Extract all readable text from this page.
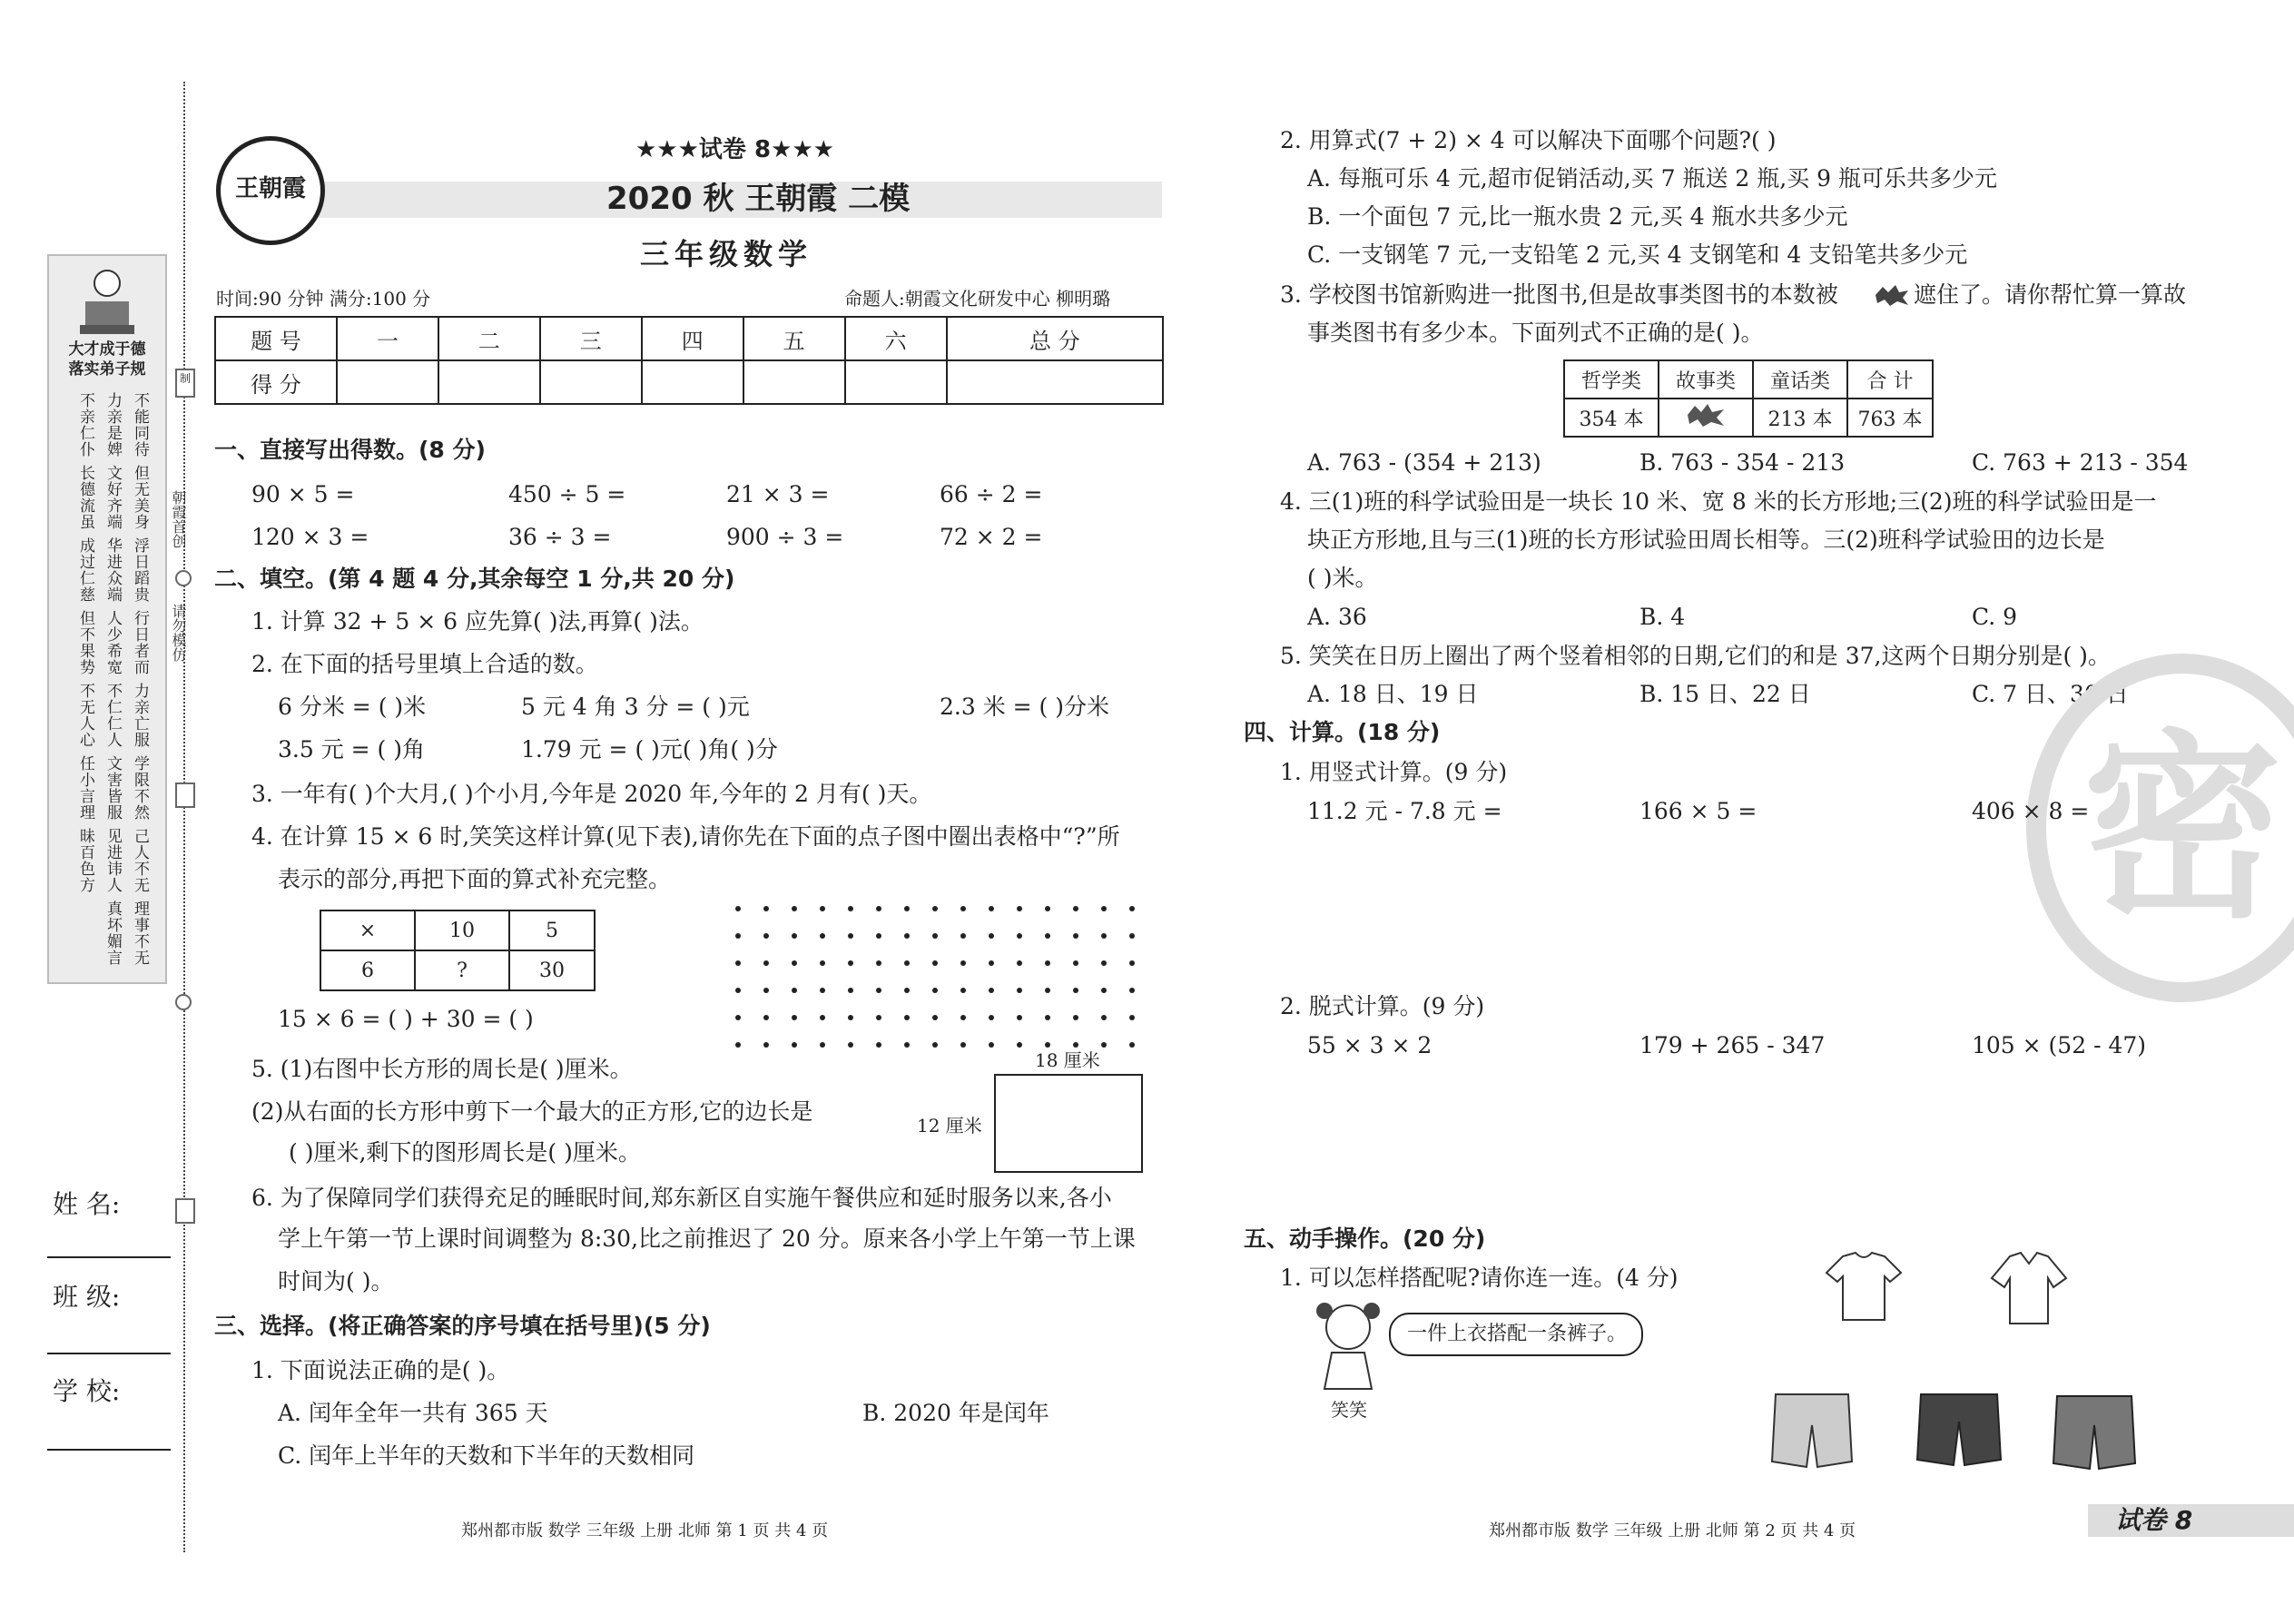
大才成于德
落实弟子规
不能同待
力亲是婢
不亲仁仆
但无美身
文好齐端
长德流虽
浮日蹈贵
华进众端
成过仁慈
行日者而
人少希宽
但不果势
力亲亡服
不仁仁人
不无人心
学限不然
文害皆服
任小言理
己人不无
见进讳人
昧百色方
理事不无
真坏媚言
制
朝霞首创
请勿模仿
姓 名:
班 级:
学 校:
王朝霞
★★★试卷 8★★★
2020 秋 王朝霞 二模
三年级数学
时间:90 分钟 满分:100 分	命题人:朝霞文化研发中心 柳明璐
题 号	一	二	三	四	五	六	总 分
得 分							
一、直接写出得数。(8 分)
90 × 5 =	450 ÷ 5 =	21 × 3 =	66 ÷ 2 =
120 × 3 =	36 ÷ 3 =	900 ÷ 3 =	72 × 2 =
二、填空。(第 4 题 4 分,其余每空 1 分,共 20 分)
1. 计算 32 + 5 × 6 应先算( )法,再算( )法。
2. 在下面的括号里填上合适的数。
6 分米 = ( )米	5 元 4 角 3 分 = ( )元	2.3 米 = ( )分米
3.5 元 = ( )角	1.79 元 = ( )元( )角( )分
3. 一年有( )个大月,( )个小月,今年是 2020 年,今年的 2 月有( )天。
4. 在计算 15 × 6 时,笑笑这样计算(见下表),请你先在下面的点子图中圈出表格中“?”所
表示的部分,再把下面的算式补充完整。
×	10	5
6	?	30
15 × 6 = ( ) + 30 = ( )
5. (1)右图中长方形的周长是( )厘米。
(2)从右面的长方形中剪下一个最大的正方形,它的边长是
( )厘米,剩下的图形周长是( )厘米。
18 厘米
12 厘米
6. 为了保障同学们获得充足的睡眠时间,郑东新区自实施午餐供应和延时服务以来,各小
学上午第一节上课时间调整为 8:30,比之前推迟了 20 分。原来各小学上午第一节上课
时间为( )。
三、选择。(将正确答案的序号填在括号里)(5 分)
1. 下面说法正确的是( )。
A. 闰年全年一共有 365 天	B. 2020 年是闰年
C. 闰年上半年的天数和下半年的天数相同
2. 用算式(7 + 2) × 4 可以解决下面哪个问题?( )
A. 每瓶可乐 4 元,超市促销活动,买 7 瓶送 2 瓶,买 9 瓶可乐共多少元
B. 一个面包 7 元,比一瓶水贵 2 元,买 4 瓶水共多少元
C. 一支钢笔 7 元,一支铅笔 2 元,买 4 支钢笔和 4 支铅笔共多少元
3. 学校图书馆新购进一批图书,但是故事类图书的本数被	遮住了。请你帮忙算一算故
事类图书有多少本。下面列式不正确的是( )。
哲学类	故事类	童话类	合 计
354 本		213 本	763 本
A. 763 - (354 + 213)	B. 763 - 354 - 213	C. 763 + 213 - 354
4. 三(1)班的科学试验田是一块长 10 米、宽 8 米的长方形地;三(2)班的科学试验田是一
块正方形地,且与三(1)班的长方形试验田周长相等。三(2)班科学试验田的边长是
( )米。
A. 36	B. 4	C. 9
5. 笑笑在日历上圈出了两个竖着相邻的日期,它们的和是 37,这两个日期分别是( )。
A. 18 日、19 日	B. 15 日、22 日	C. 7 日、30 日
密
四、计算。(18 分)
1. 用竖式计算。(9 分)
11.2 元 - 7.8 元 =	166 × 5 =	406 × 8 =
2. 脱式计算。(9 分)
55 × 3 × 2	179 + 265 - 347	105 × (52 - 47)
五、动手操作。(20 分)
1. 可以怎样搭配呢?请你连一连。(4 分)
笑笑
一件上衣搭配一条裤子。
郑州都市版 数学 三年级 上册 北师 第 1 页 共 4 页	郑州都市版 数学 三年级 上册 北师 第 2 页 共 4 页	试卷 8
